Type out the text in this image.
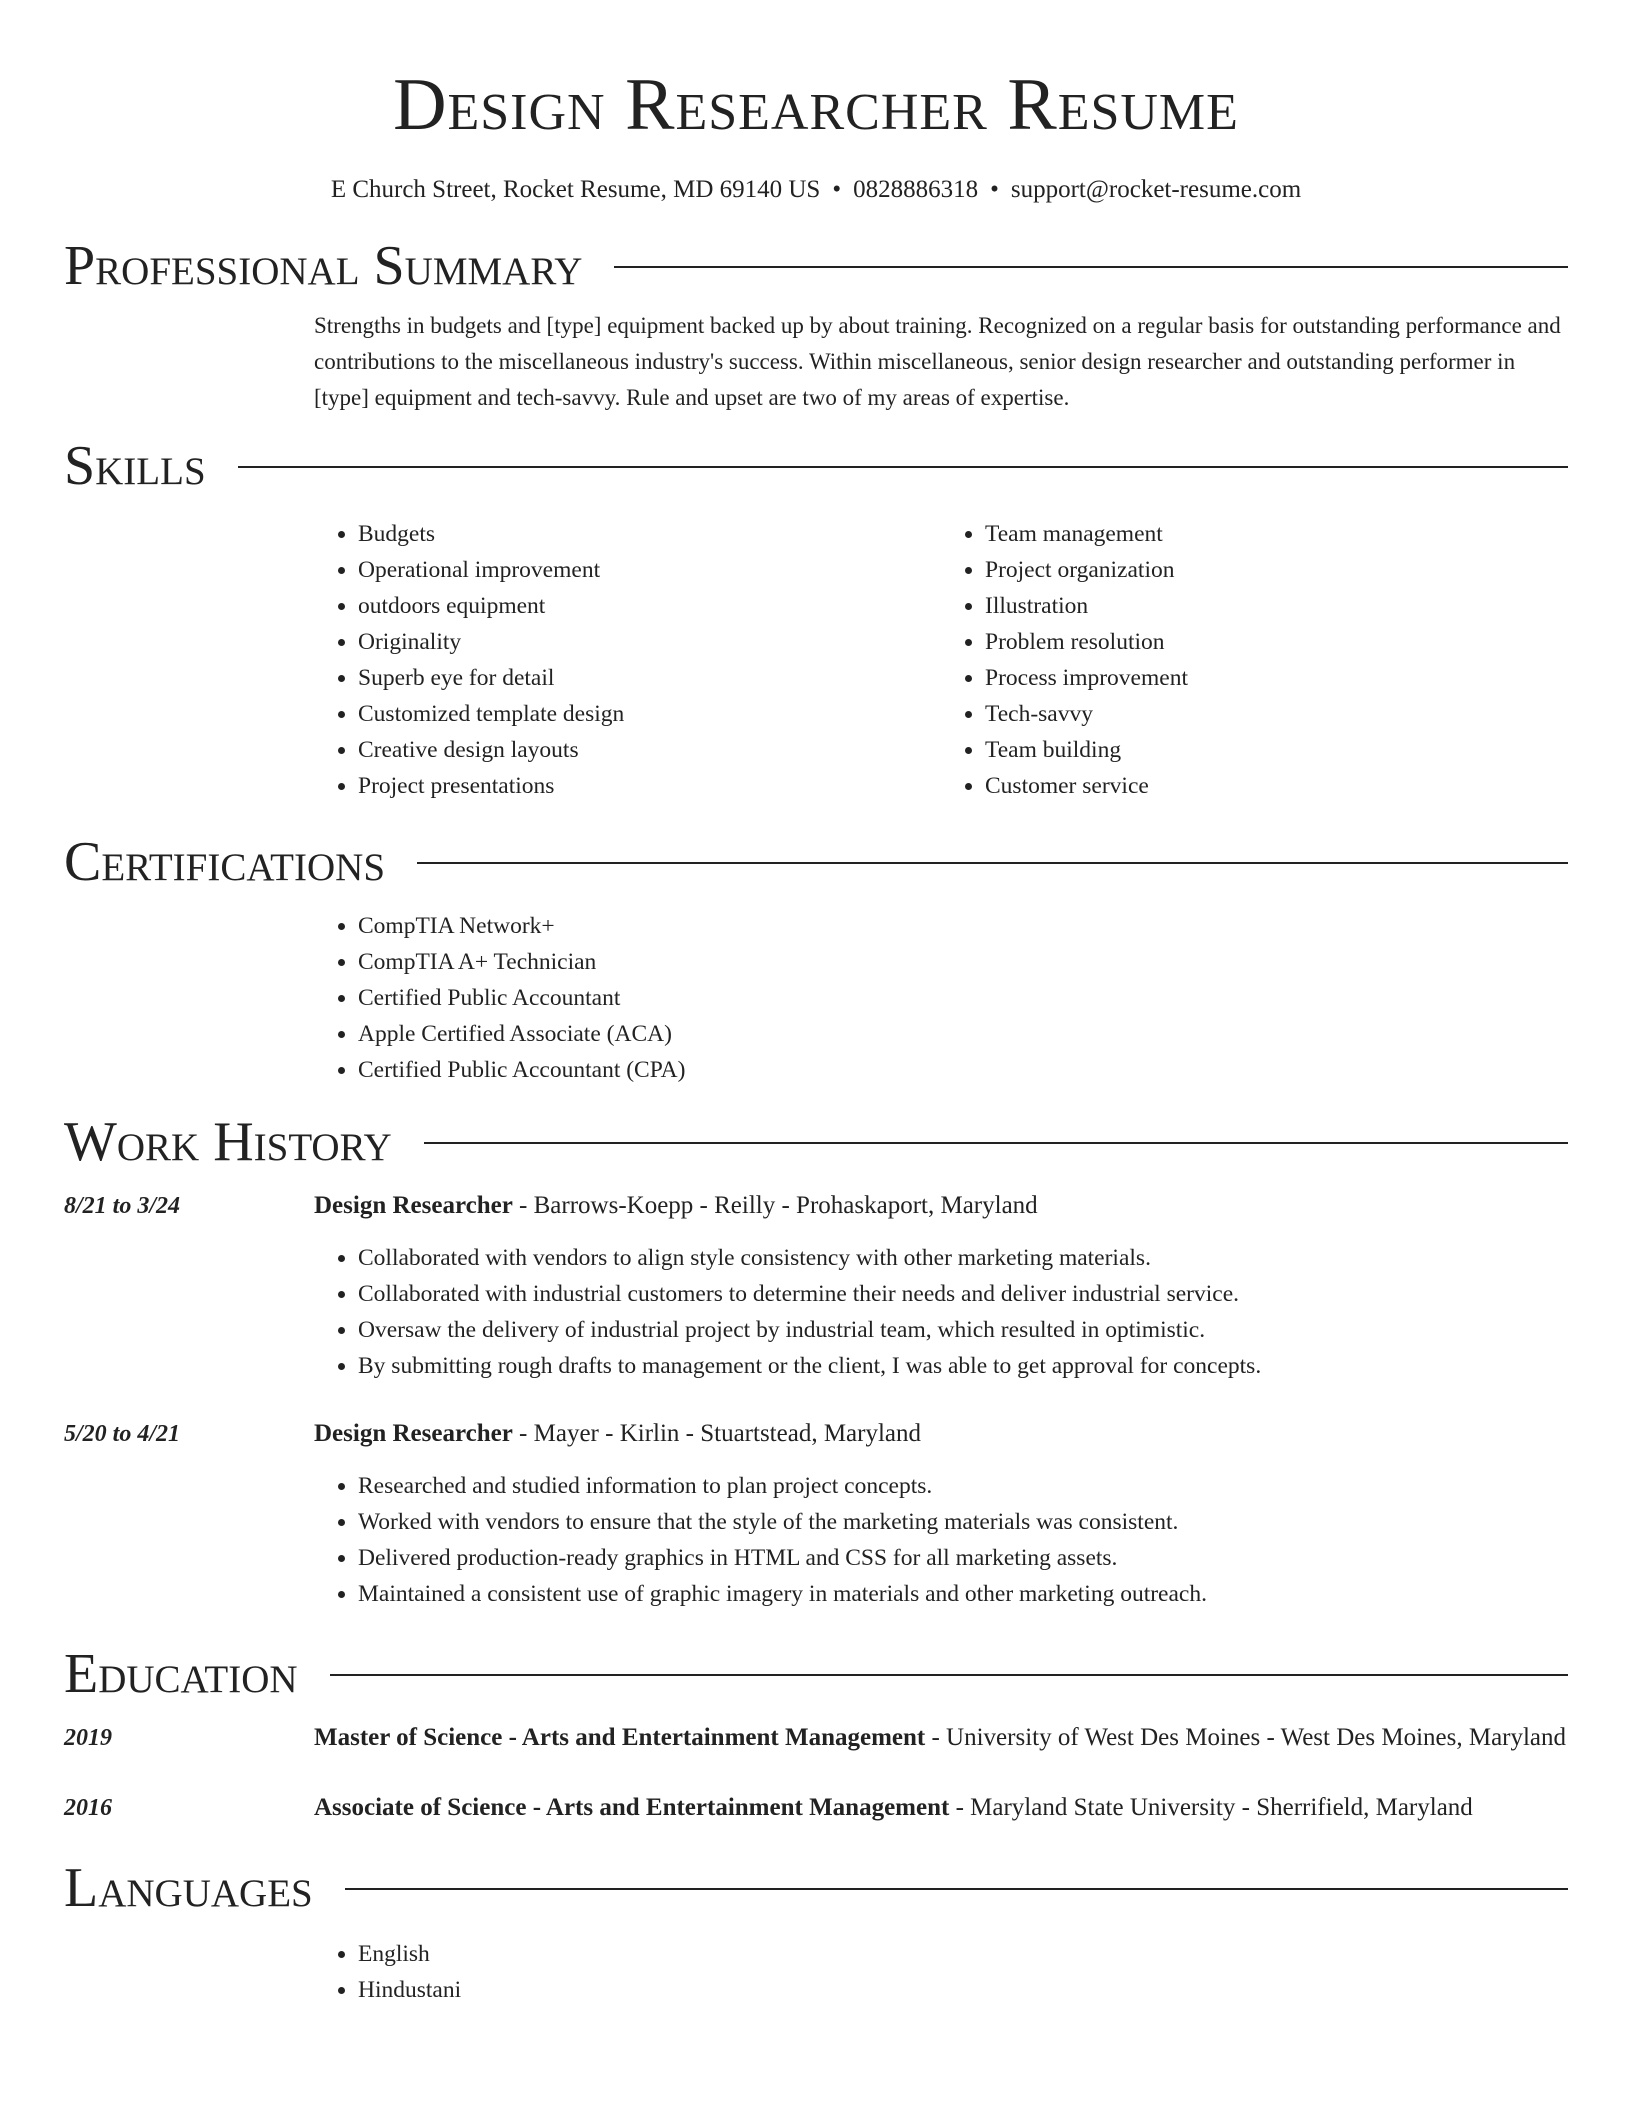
Design Researcher Resume
E Church Street, Rocket Resume, MD 69140 US • 0828886318 • support@rocket-resume.com
Professional Summary
Strengths in budgets and [type] equipment backed up by about training. Recognized on a regular basis for outstanding performance and contributions to the miscellaneous industry's success. Within miscellaneous, senior design researcher and outstanding performer in [type] equipment and tech-savvy. Rule and upset are two of my areas of expertise.
Skills
• Budgets
• Operational improvement
• outdoors equipment
• Originality
• Superb eye for detail
• Customized template design
• Creative design layouts
• Project presentations
• Team management
• Project organization
• Illustration
• Problem resolution
• Process improvement
• Tech-savvy
• Team building
• Customer service
Certifications
• CompTIA Network+
• CompTIA A+ Technician
• Certified Public Accountant
• Apple Certified Associate (ACA)
• Certified Public Accountant (CPA)
Work History
8/21 to 3/24	Design Researcher - Barrows-Koepp - Reilly - Prohaskaport, Maryland
• Collaborated with vendors to align style consistency with other marketing materials.
• Collaborated with industrial customers to determine their needs and deliver industrial service.
• Oversaw the delivery of industrial project by industrial team, which resulted in optimistic.
• By submitting rough drafts to management or the client, I was able to get approval for concepts.
5/20 to 4/21	Design Researcher - Mayer - Kirlin - Stuartstead, Maryland
• Researched and studied information to plan project concepts.
• Worked with vendors to ensure that the style of the marketing materials was consistent.
• Delivered production-ready graphics in HTML and CSS for all marketing assets.
• Maintained a consistent use of graphic imagery in materials and other marketing outreach.
Education
2019	Master of Science - Arts and Entertainment Management - University of West Des Moines - West Des Moines, Maryland
2016	Associate of Science - Arts and Entertainment Management - Maryland State University - Sherrifield, Maryland
Languages
• English
• Hindustani
